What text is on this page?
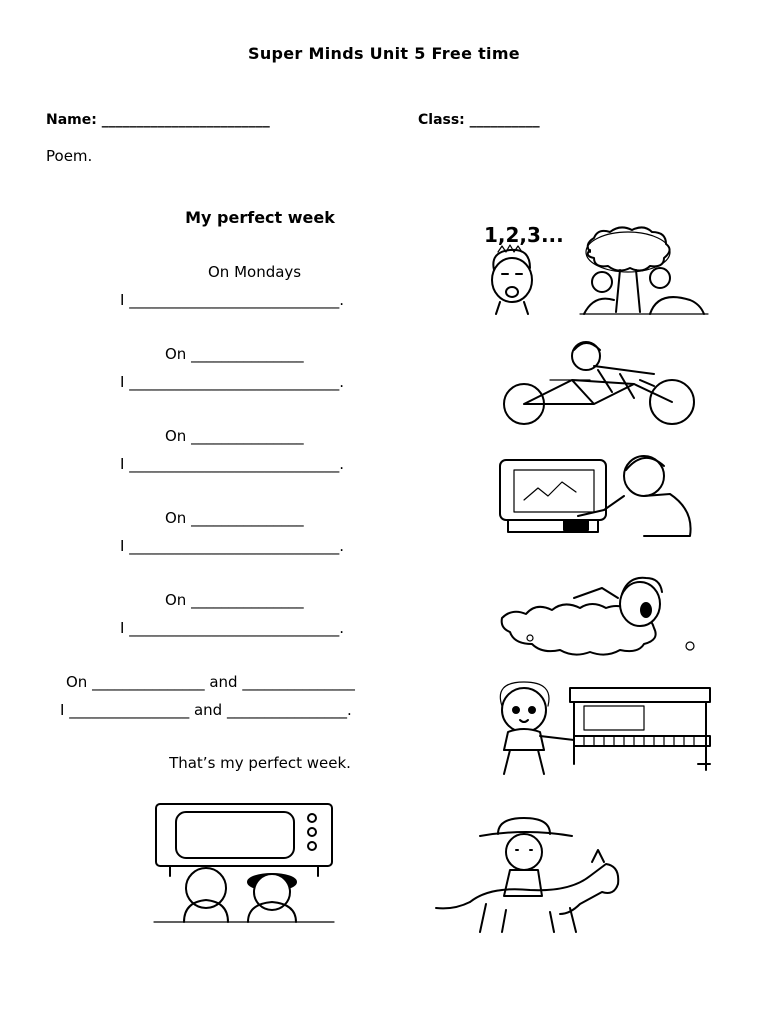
Super Minds Unit 5 Free time
Name: ________________________	Class: __________
Poem.
My perfect week
On Mondays
I ____________________________.
On _______________
I ____________________________.
On _______________
I ____________________________.
On _______________
I ____________________________.
On _______________
I ____________________________.
On _______________ and _______________
I ________________ and ________________.
That’s my perfect week.
1,2,3...
